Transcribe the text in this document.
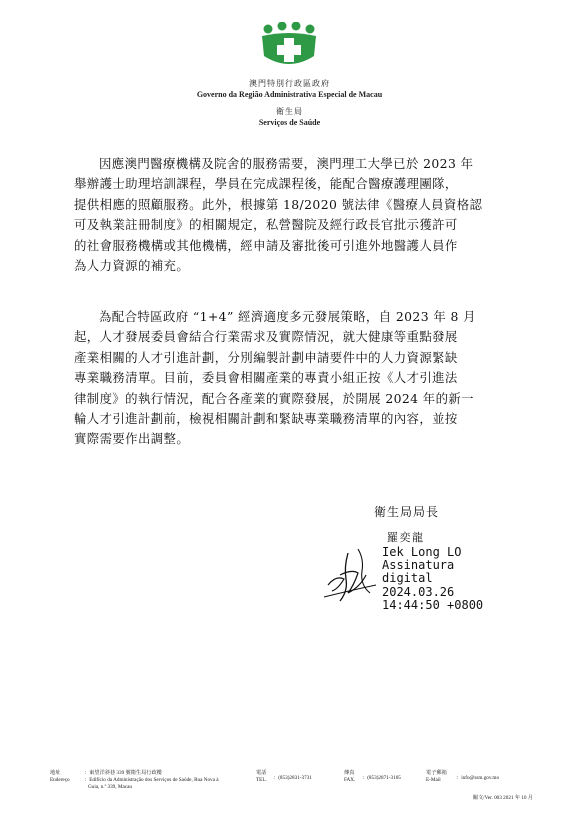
澳門特別行政區政府
Governo da Região Administrativa Especial de Macau
衛生局
Serviços de Saúde
因應澳門醫療機構及院舍的服務需要，澳門理工大學已於 2023 年
舉辦護士助理培訓課程，學員在完成課程後，能配合醫療護理團隊，
提供相應的照顧服務。此外，根據第 18/2020 號法律《醫療人員資格認
可及執業註冊制度》的相關規定，私營醫院及經行政長官批示獲許可
的社會服務機構或其他機構，經申請及審批後可引進外地醫護人員作
為人力資源的補充。
為配合特區政府 “1+4” 經濟適度多元發展策略，自 2023 年 8 月
起，人才發展委員會結合行業需求及實際情況，就大健康等重點發展
產業相關的人才引進計劃，分別編製計劃申請要件中的人力資源緊缺
專業職務清單。目前，委員會相關產業的專責小組正按《人才引進法
律制度》的執行情況，配合各產業的實際發展，於開展 2024 年的新一
輪人才引進計劃前，檢視相關計劃和緊缺專業職務清單的內容，並按
實際需要作出調整。
衛生局局長
羅奕龍
Iek Long LO
Assinatura
digital
2024.03.26
14:44:50 +0800
地址
Endereço
：東望洋斜巷 339 號衛生局行政樓
：Edifício da Administração dos Serviços de Saúde, Rua Nova à
Guia, n.º 339, Macau
電話
TEL. ：(853)2831-3731
傳真
FAX. ：(853)2871-3105
電子郵箱
E-Mail	：info@ssm.gov.mo
關文/Ver. 003 2021 年 10 月
